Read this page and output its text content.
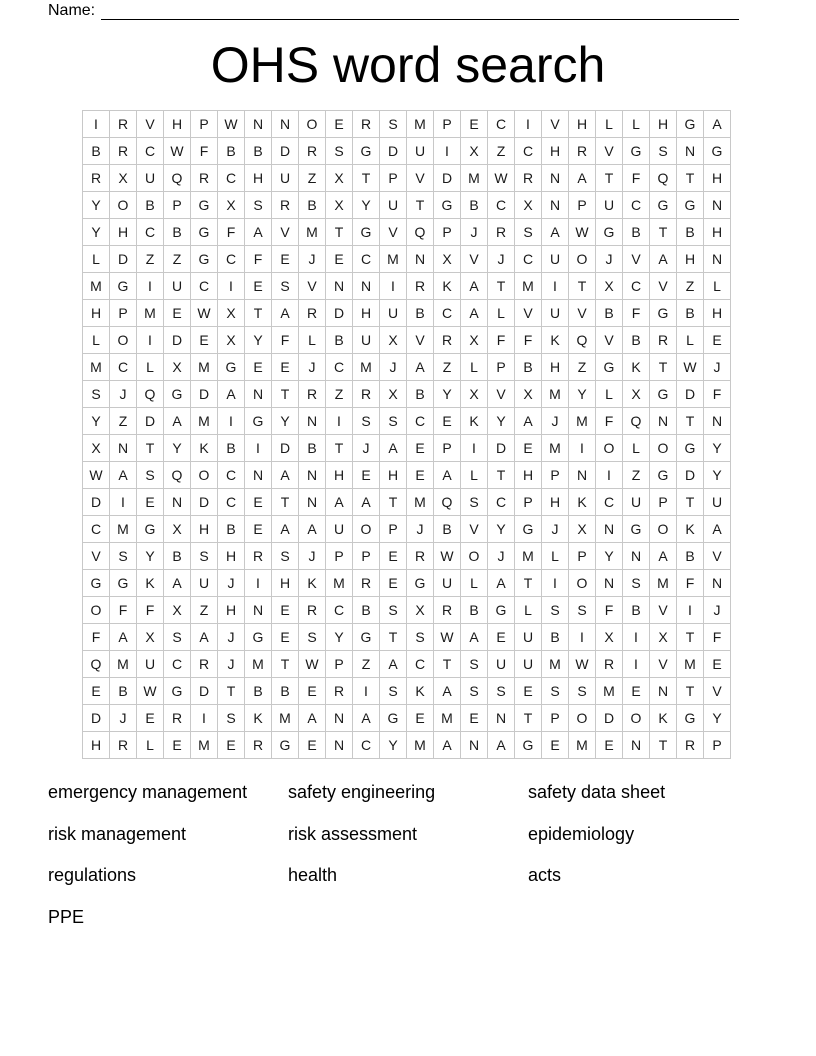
Name:
OHS word search
I	R	V	H	P	W	N	N	O	E	R	S	M	P	E	C	I	V	H	L	L	H	G	A
B	R	C	W	F	B	B	D	R	S	G	D	U	I	X	Z	C	H	R	V	G	S	N	G
R	X	U	Q	R	C	H	U	Z	X	T	P	V	D	M	W	R	N	A	T	F	Q	T	H
Y	O	B	P	G	X	S	R	B	X	Y	U	T	G	B	C	X	N	P	U	C	G	G	N
Y	H	C	B	G	F	A	V	M	T	G	V	Q	P	J	R	S	A	W	G	B	T	B	H
L	D	Z	Z	G	C	F	E	J	E	C	M	N	X	V	J	C	U	O	J	V	A	H	N
M	G	I	U	C	I	E	S	V	N	N	I	R	K	A	T	M	I	T	X	C	V	Z	L
H	P	M	E	W	X	T	A	R	D	H	U	B	C	A	L	V	U	V	B	F	G	B	H
L	O	I	D	E	X	Y	F	L	B	U	X	V	R	X	F	F	K	Q	V	B	R	L	E
M	C	L	X	M	G	E	E	J	C	M	J	A	Z	L	P	B	H	Z	G	K	T	W	J
S	J	Q	G	D	A	N	T	R	Z	R	X	B	Y	X	V	X	M	Y	L	X	G	D	F
Y	Z	D	A	M	I	G	Y	N	I	S	S	C	E	K	Y	A	J	M	F	Q	N	T	N
X	N	T	Y	K	B	I	D	B	T	J	A	E	P	I	D	E	M	I	O	L	O	G	Y
W	A	S	Q	O	C	N	A	N	H	E	H	E	A	L	T	H	P	N	I	Z	G	D	Y
D	I	E	N	D	C	E	T	N	A	A	T	M	Q	S	C	P	H	K	C	U	P	T	U
C	M	G	X	H	B	E	A	A	U	O	P	J	B	V	Y	G	J	X	N	G	O	K	A
V	S	Y	B	S	H	R	S	J	P	P	E	R	W	O	J	M	L	P	Y	N	A	B	V
G	G	K	A	U	J	I	H	K	M	R	E	G	U	L	A	T	I	O	N	S	M	F	N
O	F	F	X	Z	H	N	E	R	C	B	S	X	R	B	G	L	S	S	F	B	V	I	J
F	A	X	S	A	J	G	E	S	Y	G	T	S	W	A	E	U	B	I	X	I	X	T	F
Q	M	U	C	R	J	M	T	W	P	Z	A	C	T	S	U	U	M	W	R	I	V	M	E
E	B	W	G	D	T	B	B	E	R	I	S	K	A	S	S	E	S	S	M	E	N	T	V
D	J	E	R	I	S	K	M	A	N	A	G	E	M	E	N	T	P	O	D	O	K	G	Y
H	R	L	E	M	E	R	G	E	N	C	Y	M	A	N	A	G	E	M	E	N	T	R	P
emergency management	safety engineering	safety data sheet
risk management	risk assessment	epidemiology
regulations	health	acts
PPE
